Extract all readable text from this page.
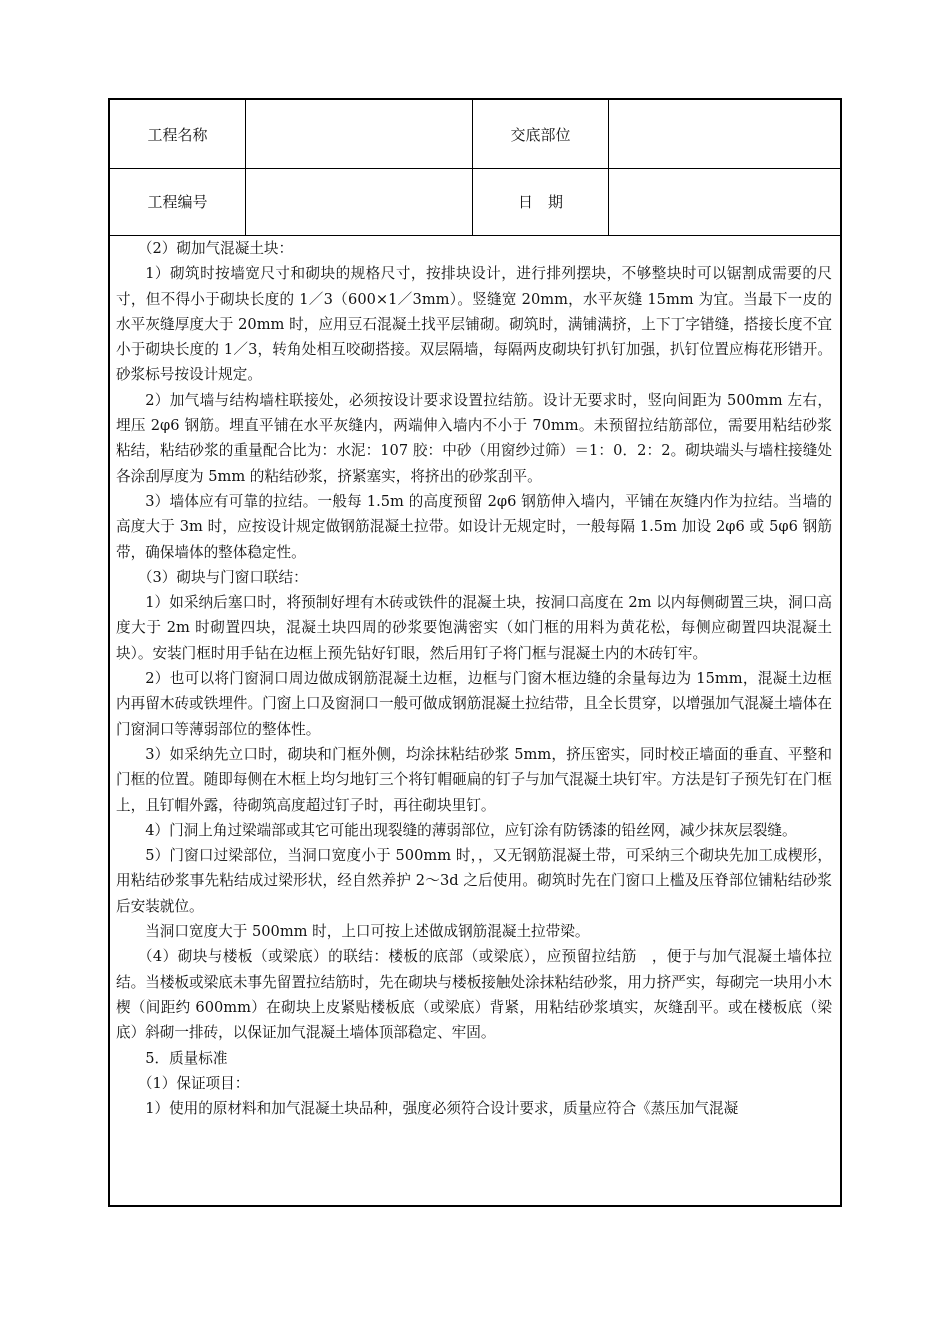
工程名称	交底部位
工程编号	日　期

（2）砌加气混凝土块：

1）砌筑时按墙宽尺寸和砌块的规格尺寸，按排块设计，进行排列摆块，不够整块时可以锯割成需要的尺寸，但不得小于砌块长度的 1／3（600×1／3mm）。竖缝宽 20mm，水平灰缝 15mm 为宜。当最下一皮的水平灰缝厚度大于 20mm 时，应用豆石混凝土找平层铺砌。砌筑时，满铺满挤，上下丁字错缝，搭接长度不宜小于砌块长度的 1／3，转角处相互咬砌搭接。双层隔墙，每隔两皮砌块钉扒钉加强，扒钉位置应梅花形错开。砂浆标号按设计规定。

2）加气墙与结构墙柱联接处，必须按设计要求设置拉结筋。设计无要求时，竖向间距为 500mm 左右，埋压 2φ6 钢筋。埋直平铺在水平灰缝内，两端伸入墙内不小于 70mm。未预留拉结筋部位，需要用粘结砂浆粘结，粘结砂浆的重量配合比为：水泥：107 胶：中砂（用窗纱过筛）＝1：0．2：2。砌块端头与墙柱接缝处各涂刮厚度为 5mm 的粘结砂浆，挤紧塞实，将挤出的砂浆刮平。

3）墙体应有可靠的拉结。一般每 1.5m 的高度预留 2φ6 钢筋伸入墙内，平铺在灰缝内作为拉结。当墙的高度大于 3m 时，应按设计规定做钢筋混凝土拉带。如设计无规定时，一般每隔 1.5m 加设 2φ6 或 5φ6 钢筋带，确保墙体的整体稳定性。

（3）砌块与门窗口联结：

1）如采纳后塞口时，将预制好埋有木砖或铁件的混凝土块，按洞口高度在 2m 以内每侧砌置三块，洞口高度大于 2m 时砌置四块，混凝土块四周的砂浆要饱满密实（如门框的用料为黄花松，每侧应砌置四块混凝土块）。安装门框时用手钻在边框上预先钻好钉眼，然后用钉子将门框与混凝土内的木砖钉牢。

2）也可以将门窗洞口周边做成钢筋混凝土边框，边框与门窗木框边缝的余量每边为 15mm，混凝土边框内再留木砖或铁埋件。门窗上口及窗洞口一般可做成钢筋混凝土拉结带，且全长贯穿，以增强加气混凝土墙体在门窗洞口等薄弱部位的整体性。

3）如采纳先立口时，砌块和门框外侧，均涂抹粘结砂浆 5mm，挤压密实，同时校正墙面的垂直、平整和门框的位置。随即每侧在木框上均匀地钉三个将钉帽砸扁的钉子与加气混凝土块钉牢。方法是钉子预先钉在门框上，且钉帽外露，待砌筑高度超过钉子时，再往砌块里钉。

4）门洞上角过梁端部或其它可能出现裂缝的薄弱部位，应钉涂有防锈漆的铅丝网，减少抹灰层裂缝。

5）门窗口过梁部位，当洞口宽度小于 500mm 时，，又无钢筋混凝土带，可采纳三个砌块先加工成楔形，用粘结砂浆事先粘结成过梁形状，经自然养护 2～3d 之后使用。砌筑时先在门窗口上槛及压脊部位铺粘结砂浆后安装就位。

当洞口宽度大于 500mm 时，上口可按上述做成钢筋混凝土拉带梁。

（4）砌块与楼板（或梁底）的联结：楼板的底部（或梁底），应预留拉结筋　，便于与加气混凝土墙体拉结。当楼板或梁底未事先留置拉结筋时，先在砌块与楼板接触处涂抹粘结砂浆，用力挤严实，每砌完一块用小木楔（间距约 600mm）在砌块上皮紧贴楼板底（或梁底）背紧，用粘结砂浆填实，灰缝刮平。或在楼板底（梁底）斜砌一排砖，以保证加气混凝土墙体顶部稳定、牢固。

5．质量标准

（1）保证项目：

1）使用的原材料和加气混凝土块品种，强度必须符合设计要求，质量应符合《蒸压加气混凝
